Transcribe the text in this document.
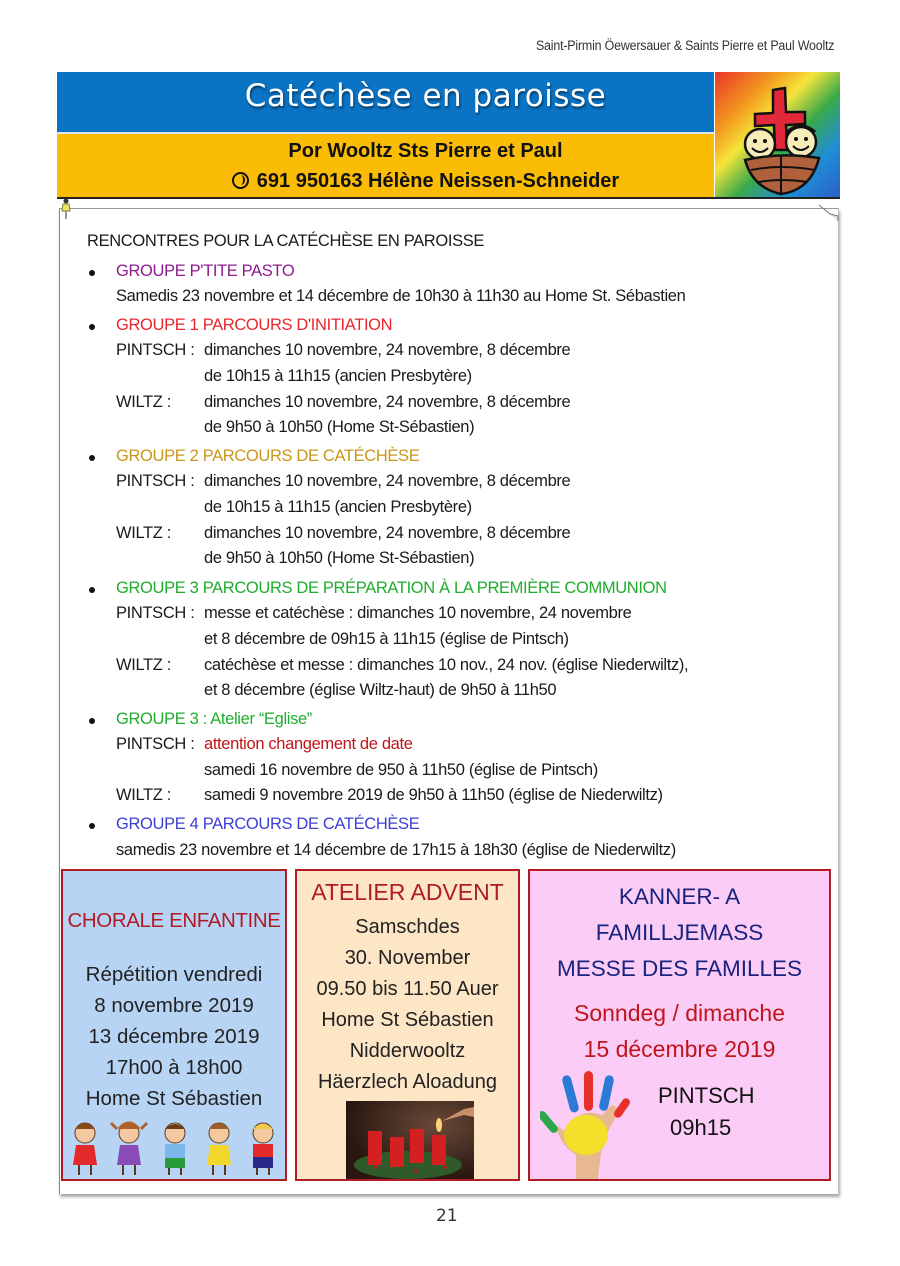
Saint-Pirmin Öewersauer & Saints Pierre et Paul Wooltz
Catéchèse en paroisse
Por Wooltz Sts Pierre et Paul
691 950163 Hélène Neissen-Schneider
RENCONTRES POUR LA CATÉCHÈSE EN PAROISSE
GROUPE P'TITE PASTO
Samedis 23 novembre et 14 décembre de 10h30 à 11h30 au Home St. Sébastien
GROUPE 1 PARCOURS D'INITIATION
PINTSCH : dimanches 10 novembre, 24 novembre, 8 décembre
de 10h15 à 11h15 (ancien Presbytère)
WILTZ :	dimanches 10 novembre, 24 novembre, 8 décembre
de 9h50 à 10h50 (Home St-Sébastien)
GROUPE 2 PARCOURS DE CATÉCHÈSE
PINTSCH : dimanches 10 novembre, 24 novembre, 8 décembre
de 10h15 à 11h15 (ancien Presbytère)
WILTZ :	dimanches 10 novembre, 24 novembre, 8 décembre
de 9h50 à 10h50 (Home St-Sébastien)
GROUPE 3 PARCOURS DE PRÉPARATION À LA PREMIÈRE COMMUNION
PINTSCH : messe et catéchèse : dimanches 10 novembre, 24 novembre
et 8 décembre de 09h15 à 11h15 (église de Pintsch)
WILTZ :	catéchèse et messe : dimanches 10 nov., 24 nov. (église Niederwiltz),
et 8 décembre (église Wiltz-haut) de 9h50 à 11h50
GROUPE 3 : Atelier “Eglise”
PINTSCH : attention changement de date
samedi 16 novembre de 950 à 11h50 (église de Pintsch)
WILTZ :	samedi 9 novembre 2019 de 9h50 à 11h50 (église de Niederwiltz)
GROUPE 4 PARCOURS DE CATÉCHÈSE
samedis 23 novembre et 14 décembre de 17h15 à 18h30 (église de Niederwiltz)
CHORALE ENFANTINE
Répétition vendredi
8 novembre 2019
13 décembre 2019
17h00 à 18h00
Home St Sébastien
ATELIER ADVENT
Samschdes
30. November
09.50 bis 11.50 Auer
Home St Sébastien
Nidderwooltz
Häerzlech Aloadung
KANNER- A
FAMILLJEMASS
MESSE DES FAMILLES
Sonndeg / dimanche
15 décembre 2019
PINTSCH
09h15
21
